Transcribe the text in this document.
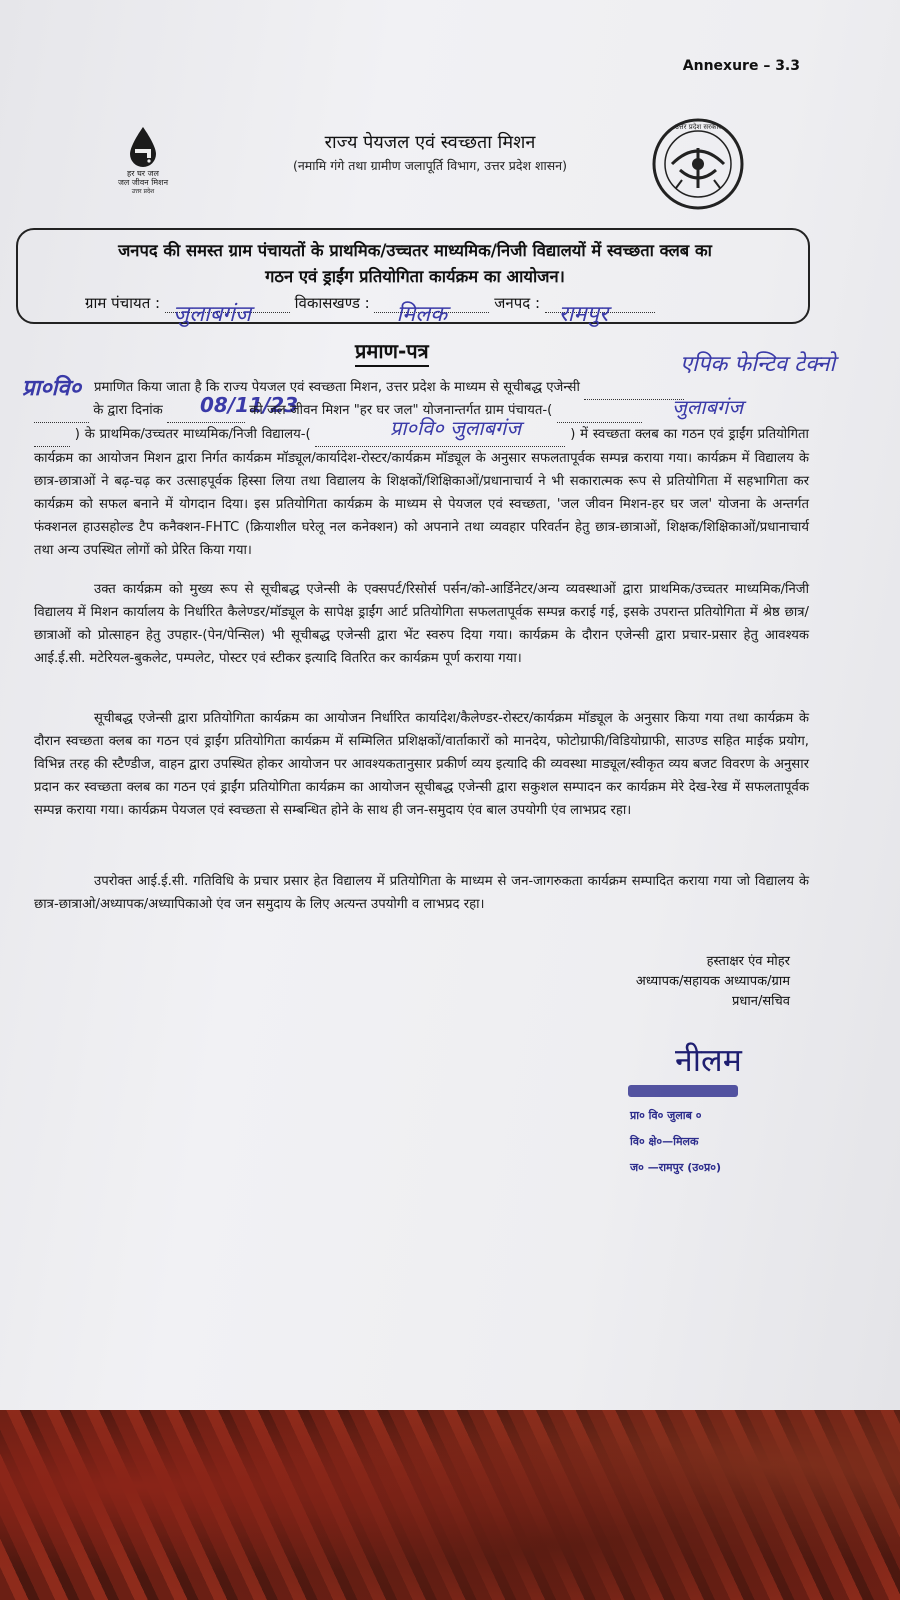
Annexure – 3.3
हर घर जल
जल जीवन मिशन
उत्तर प्रदेश
उत्तर प्रदेश सरकार
राज्य पेयजल एवं स्वच्छता मिशन
(नमामि गंगे तथा ग्रामीण जलापूर्ति विभाग, उत्तर प्रदेश शासन)
जनपद की समस्त ग्राम पंचायतों के प्राथमिक/उच्चतर माध्यमिक/निजी विद्यालयों में स्वच्छता क्लब का
गठन एवं ड्राईंग प्रतियोगिता कार्यक्रम का आयोजन।
ग्राम पंचायत : जुलाबगंज	विकासखण्ड : मिलक	जनपद : रामपुर

प्रमाण-पत्र
प्रा०वि०
एपिक फेन्टिव टेक्नो
08/11/23	जुलाबगंज
प्रा०वि० जुलाबगंज
प्रमाणित किया जाता है कि राज्य पेयजल एवं स्वच्छता मिशन, उत्तर प्रदेश के माध्यम से सूचीबद्ध एजेन्सी
के द्वारा दिनांक	को जल जीवन मिशन "हर घर जल" योजनान्तर्गत ग्राम पंचायत-(
) के प्राथमिक/उच्चतर माध्यमिक/निजी विद्यालय-(	) में स्वच्छता क्लब का गठन एवं ड्राईंग प्रतियोगिता कार्यक्रम का आयोजन मिशन द्वारा निर्गत कार्यक्रम मॉड्यूल/कार्यादेश-रोस्टर/कार्यक्रम मॉड्यूल के अनुसार सफलतापूर्वक सम्पन्न कराया गया। कार्यक्रम में विद्यालय के छात्र-छात्राओं ने बढ़-चढ़ कर उत्साहपूर्वक हिस्सा लिया तथा विद्यालय के शिक्षकों/शिक्षिकाओं/प्रधानाचार्य ने भी सकारात्मक रूप से प्रतियोगिता में सहभागिता कर कार्यक्रम को सफल बनाने में योगदान दिया। इस प्रतियोगिता कार्यक्रम के माध्यम से पेयजल एवं स्वच्छता, 'जल जीवन मिशन-हर घर जल' योजना के अन्तर्गत फंक्शनल हाउसहोल्ड टैप कनैक्शन-FHTC (क्रियाशील घरेलू नल कनेक्शन) को अपनाने तथा व्यवहार परिवर्तन हेतु छात्र-छात्राओं, शिक्षक/शिक्षिकाओं/प्रधानाचार्य तथा अन्य उपस्थित लोगों को प्रेरित किया गया।
उक्त कार्यक्रम को मुख्य रूप से सूचीबद्ध एजेन्सी के एक्सपर्ट/रिसोर्स पर्सन/को-आर्डिनेटर/अन्य व्यवस्थाओं द्वारा प्राथमिक/उच्चतर माध्यमिक/निजी विद्यालय में मिशन कार्यालय के निर्धारित कैलेण्डर/मॉड्यूल के सापेक्ष ड्राईंग आर्ट प्रतियोगिता सफलतापूर्वक सम्पन्न कराई गई, इसके उपरान्त प्रतियोगिता में श्रेष्ठ छात्र/छात्राओं को प्रोत्साहन हेतु उपहार-(पेन/पेन्सिल) भी सूचीबद्ध एजेन्सी द्वारा भेंट स्वरुप दिया गया। कार्यक्रम के दौरान एजेन्सी द्वारा प्रचार-प्रसार हेतु आवश्यक आई.ई.सी. मटेरियल-बुकलेट, पम्पलेट, पोस्टर एवं स्टीकर इत्यादि वितरित कर कार्यक्रम पूर्ण कराया गया।
सूचीबद्ध एजेन्सी द्वारा प्रतियोगिता कार्यक्रम का आयोजन निर्धारित कार्यादेश/कैलेण्डर-रोस्टर/कार्यक्रम मॉड्यूल के अनुसार किया गया तथा कार्यक्रम के दौरान स्वच्छता क्लब का गठन एवं ड्राईंग प्रतियोगिता कार्यक्रम में सम्मिलित प्रशिक्षकों/वार्ताकारों को मानदेय, फोटोग्राफी/विडियोग्राफी, साउण्ड सहित माईक प्रयोग, विभिन्न तरह की स्टैण्डीज, वाहन द्वारा उपस्थित होकर आयोजन पर आवश्यकतानुसार प्रकीर्ण व्यय इत्यादि की व्यवस्था माड्यूल/स्वीकृत व्यय बजट विवरण के अनुसार प्रदान कर स्वच्छता क्लब का गठन एवं ड्राईंग प्रतियोगिता कार्यक्रम का आयोजन सूचीबद्ध एजेन्सी द्वारा सकुशल सम्पादन कर कार्यक्रम मेरे देख-रेख में सफलतापूर्वक सम्पन्न कराया गया। कार्यक्रम पेयजल एवं स्वच्छता से सम्बन्धित होने के साथ ही जन-समुदाय एंव बाल उपयोगी एंव लाभप्रद रहा।
उपरोक्त आई.ई.सी. गतिविधि के प्रचार प्रसार हेत विद्यालय में प्रतियोगिता के माध्यम से जन-जागरुकता कार्यक्रम सम्पादित कराया गया जो विद्यालय के छात्र-छात्राओ/अध्यापक/अध्यापिकाओ एंव जन समुदाय के लिए अत्यन्त उपयोगी व लाभप्रद रहा।
हस्ताक्षर एंव मोहर
अध्यापक/सहायक अध्यापक/ग्राम
प्रधान/सचिव
नीलम
प्रा० वि० जुलाब ०
वि० क्षे०—मिलक
ज० —रामपुर (उ०प्र०)
